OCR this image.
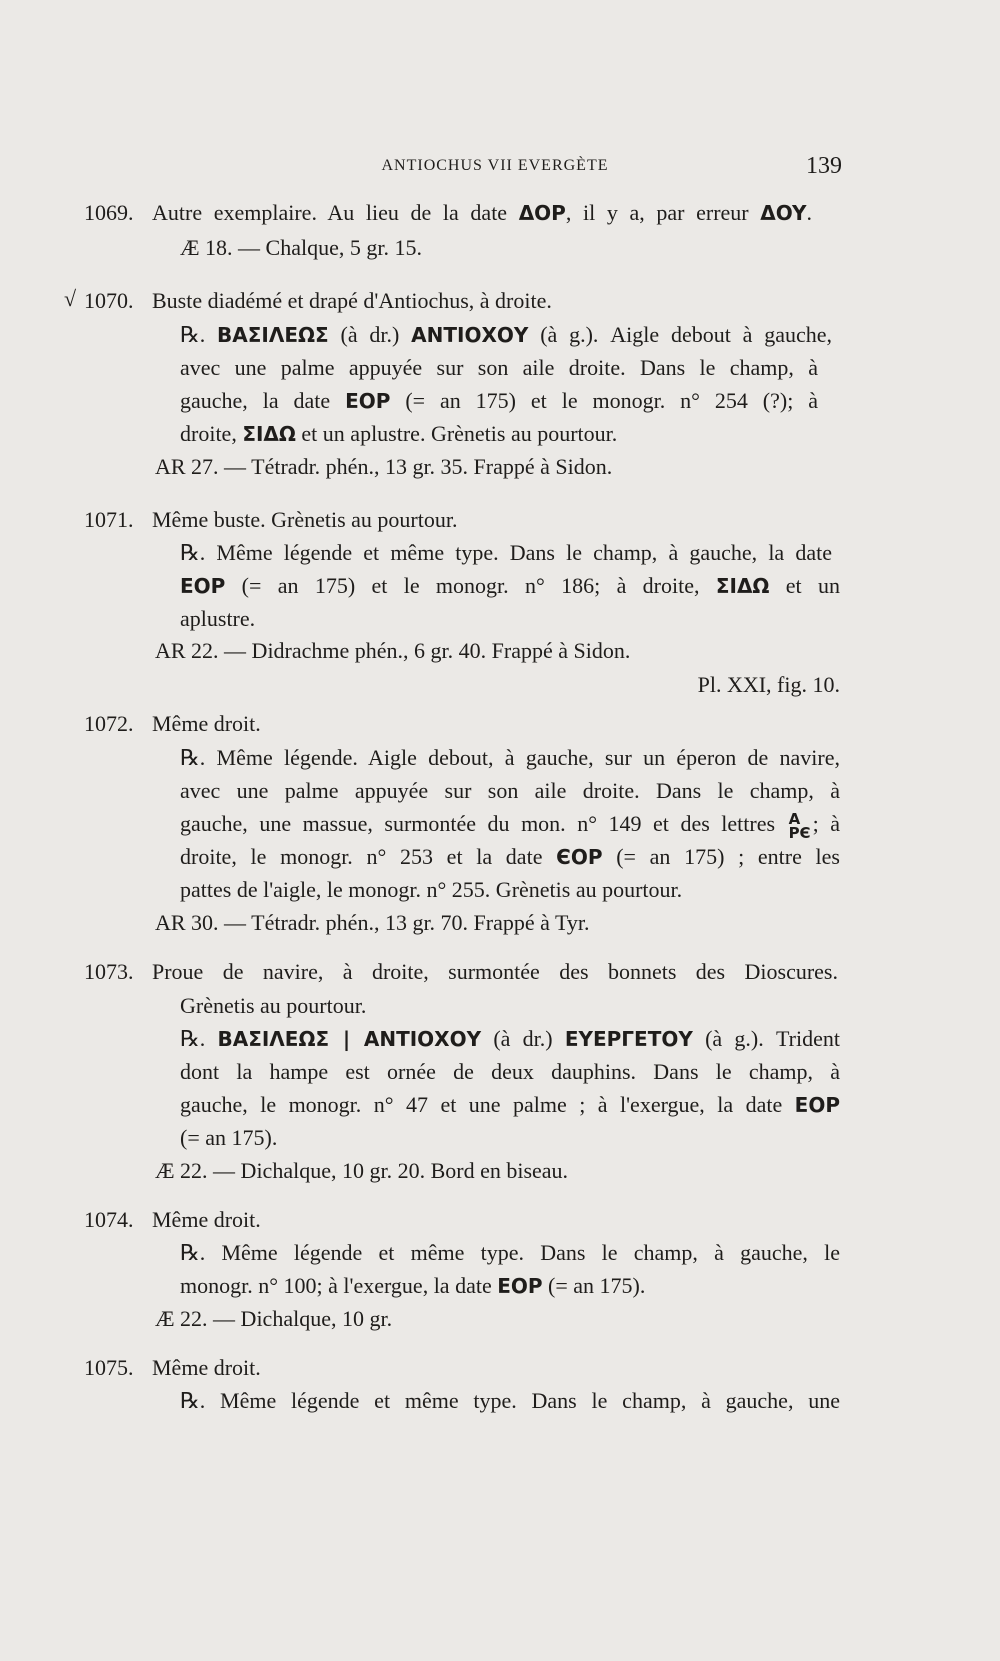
ANTIOCHUS VII EVERGÈTE	139
1069. Autre exemplaire. Au lieu de la date ΔOP, il y a, par erreur ΔOY.
Æ 18. — Chalque, 5 gr. 15.
√ 1070. Buste diadémé et drapé d'Antiochus, à droite.
℞. ΒΑΣΙΛΕΩΣ (à dr.) ΑΝΤΙΟΧΟΥ (à g.). Aigle debout à gauche,
avec une palme appuyée sur son aile droite. Dans le champ, à
gauche, la date ΕΟΡ (= an 175) et le monogr. n° 254 (?); à
droite, ΣΙΔΩ et un aplustre. Grènetis au pourtour.
AR 27. — Tétradr. phén., 13 gr. 35. Frappé à Sidon.
1071. Même buste. Grènetis au pourtour.
℞. Même légende et même type. Dans le champ, à gauche, la date
ΕΟΡ (= an 175) et le monogr. n° 186; à droite, ΣΙΔΩ et un
aplustre.
AR 22. — Didrachme phén., 6 gr. 40. Frappé à Sidon.
Pl. XXI, fig. 10.
1072. Même droit.
℞. Même légende. Aigle debout, à gauche, sur un éperon de navire,
avec une palme appuyée sur son aile droite. Dans le champ, à
gauche, une massue, surmontée du mon. n° 149 et des lettres A
PЄ ; à
droite, le monogr. n° 253 et la date ЄΟΡ (= an 175) ; entre les
pattes de l'aigle, le monogr. n° 255. Grènetis au pourtour.
AR 30. — Tétradr. phén., 13 gr. 70. Frappé à Tyr.
1073. Proue de navire, à droite, surmontée des bonnets des Dioscures.
Grènetis au pourtour.
℞. ΒΑΣΙΛΕΩΣ | ΑΝΤΙΟΧΟΥ (à dr.) ΕΥΕΡΓΕΤΟΥ (à g.). Trident
dont la hampe est ornée de deux dauphins. Dans le champ, à
gauche, le monogr. n° 47 et une palme ; à l'exergue, la date ΕΟΡ
(= an 175).
Æ 22. — Dichalque, 10 gr. 20. Bord en biseau.
1074. Même droit.
℞. Même légende et même type. Dans le champ, à gauche, le
monogr. n° 100; à l'exergue, la date ΕΟΡ (= an 175).
Æ 22. — Dichalque, 10 gr.
1075. Même droit.
℞. Même légende et même type. Dans le champ, à gauche, une
